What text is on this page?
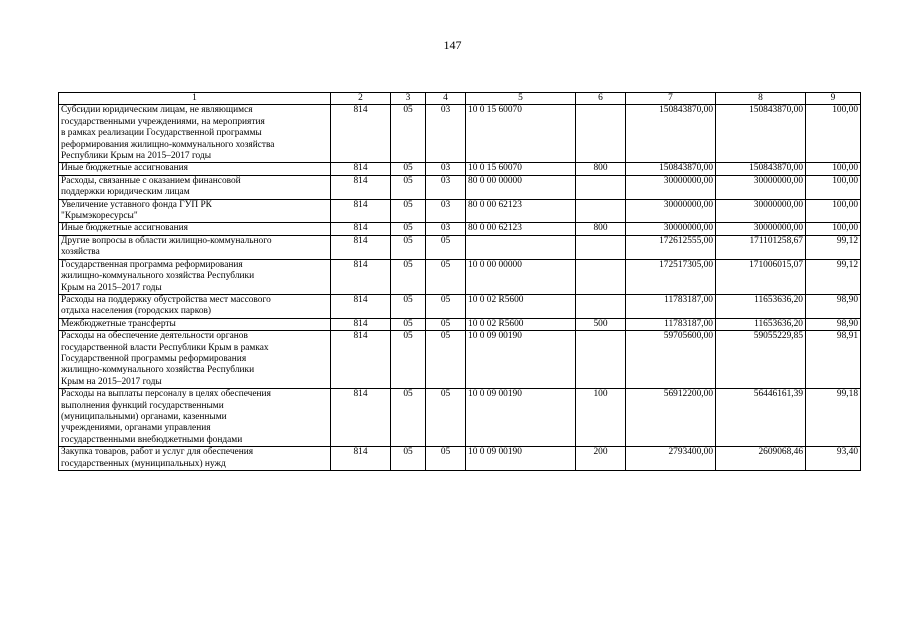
147
1	2	3	4	5	6	7	8	9

Субсидии юридическим лицам, не являющимся
государственными учреждениями, на мероприятия
в рамках реализации Государственной программы
реформирования жилищно-коммунального хозяйства
Республики Крым на 2015–2017 годы	814	05	03	10 0 15 60070		150843870,00	150843870,00	100,00

Иные бюджетные ассигнования	814	05	03	10 0 15 60070	800	150843870,00	150843870,00	100,00

Расходы, связанные с оказанием финансовой
поддержки юридическим лицам	814	05	03	80 0 00 00000		30000000,00	30000000,00	100,00

Увеличение уставного фонда ГУП РК
"Крымэкоресурсы"	814	05	03	80 0 00 62123		30000000,00	30000000,00	100,00

Иные бюджетные ассигнования	814	05	03	80 0 00 62123	800	30000000,00	30000000,00	100,00

Другие вопросы в области жилищно-коммунального
хозяйства	814	05	05			172612555,00	171101258,67	99,12

Государственная программа реформирования
жилищно-коммунального хозяйства Республики
Крым на 2015–2017 годы	814	05	05	10 0 00 00000		172517305,00	171006015,07	99,12

Расходы на поддержку обустройства мест массового
отдыха населения (городских парков)	814	05	05	10 0 02 R5600		11783187,00	11653636,20	98,90

Межбюджетные трансферты	814	05	05	10 0 02 R5600	500	11783187,00	11653636,20	98,90

Расходы на обеспечение деятельности органов
государственной власти Республики Крым в рамках
Государственной программы реформирования
жилищно-коммунального хозяйства Республики
Крым на 2015–2017 годы	814	05	05	10 0 09 00190		59705600,00	59055229,85	98,91

Расходы на выплаты персоналу в целях обеспечения
выполнения функций государственными
(муниципальными) органами, казенными
учреждениями, органами управления
государственными внебюджетными фондами	814	05	05	10 0 09 00190	100	56912200,00	56446161,39	99,18

Закупка товаров, работ и услуг для обеспечения
государственных (муниципальных) нужд	814	05	05	10 0 09 00190	200	2793400,00	2609068,46	93,40
